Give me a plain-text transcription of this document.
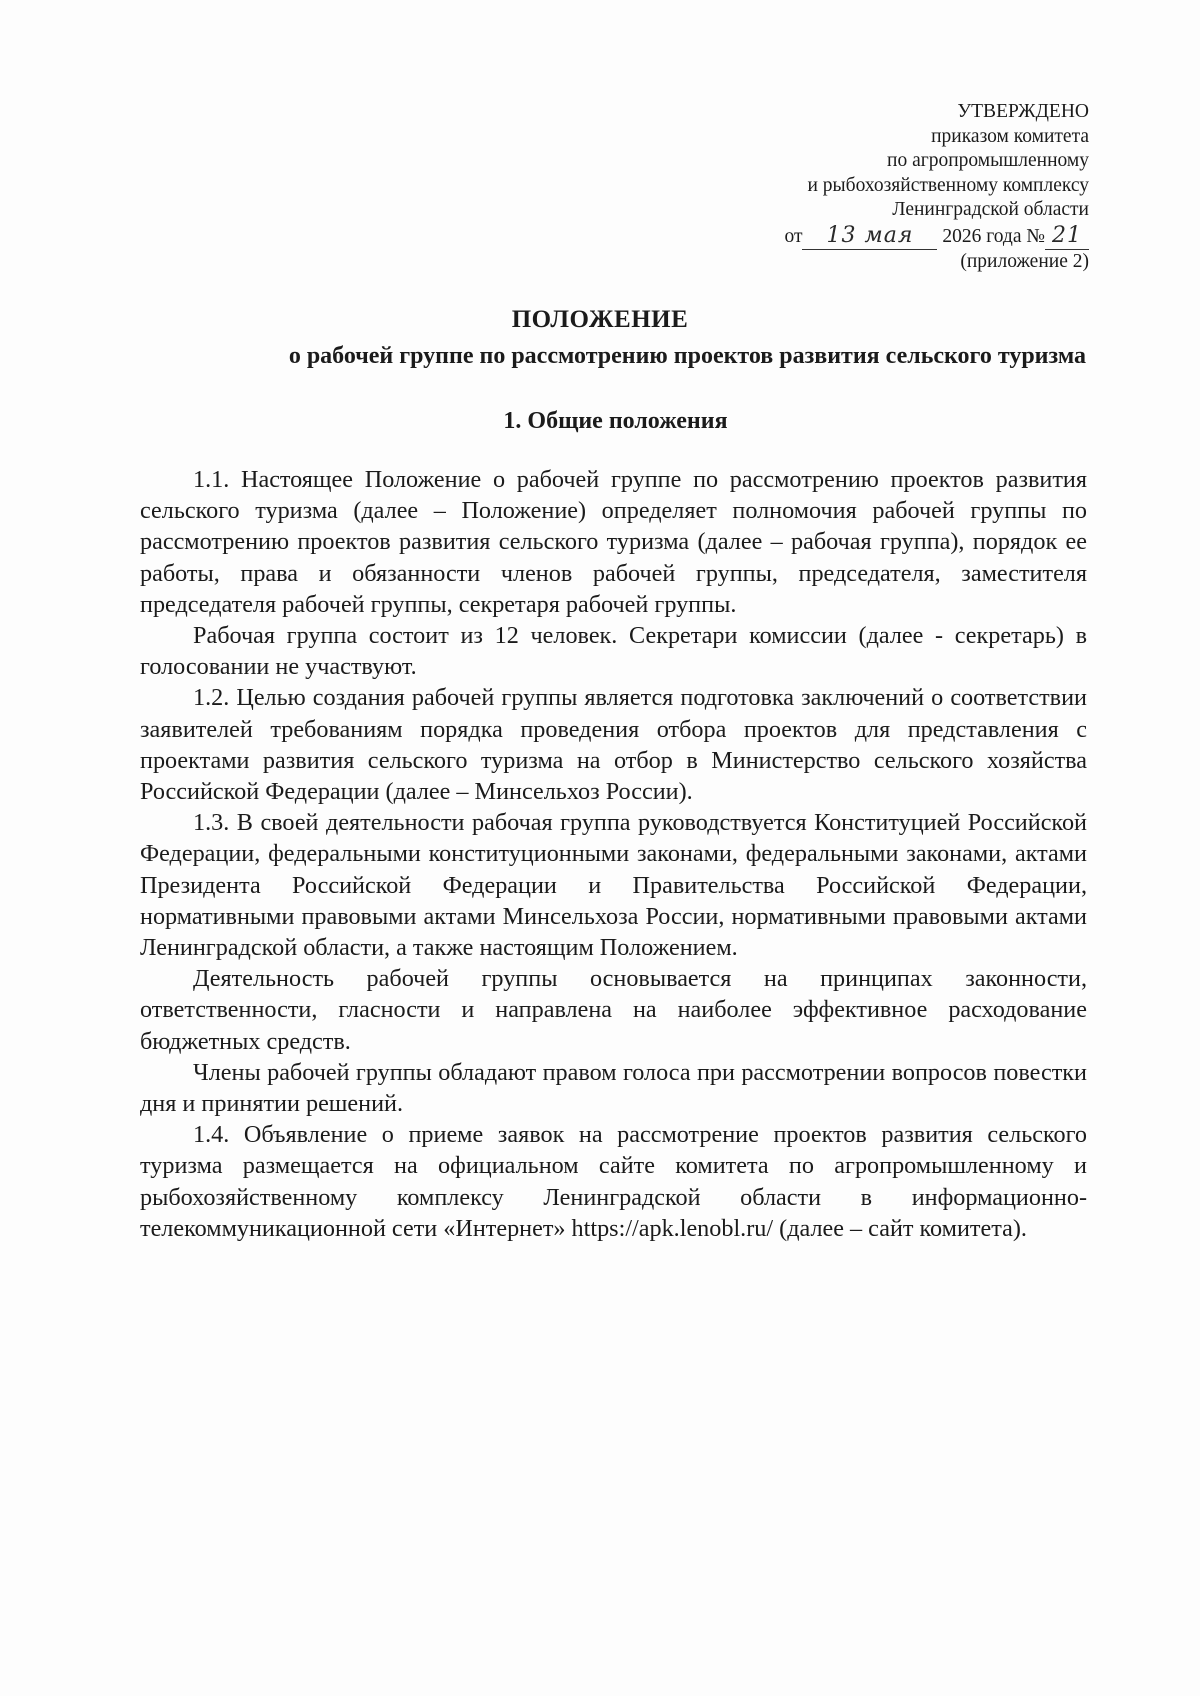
УТВЕРЖДЕНО
приказом комитета
по агропромышленному
и рыбохозяйственному комплексу
Ленинградской области
от 13 мая 2026 года № 21
(приложение 2)
ПОЛОЖЕНИЕ
о рабочей группе по рассмотрению проектов развития сельского туризма
1. Общие положения

1.1. Настоящее Положение о рабочей группе по рассмотрению проектов развития сельского туризма (далее – Положение) определяет полномочия рабочей группы по рассмотрению проектов развития сельского туризма (далее – рабочая группа), порядок ее работы, права и обязанности членов рабочей группы, председателя, заместителя председателя рабочей группы, секретаря рабочей группы.

Рабочая группа состоит из 12 человек. Секретари комиссии (далее - секретарь) в голосовании не участвуют.

1.2. Целью создания рабочей группы является подготовка заключений о соответствии заявителей требованиям порядка проведения отбора проектов для представления с проектами развития сельского туризма на отбор в Министерство сельского хозяйства Российской Федерации (далее – Минсельхоз России).

1.3. В своей деятельности рабочая группа руководствуется Конституцией Российской Федерации, федеральными конституционными законами, федеральными законами, актами Президента Российской Федерации и Правительства Российской Федерации, нормативными правовыми актами Минсельхоза России, нормативными правовыми актами Ленинградской области, а также настоящим Положением.

Деятельность рабочей группы основывается на принципах законности, ответственности, гласности и направлена на наиболее эффективное расходование бюджетных средств.

Члены рабочей группы обладают правом голоса при рассмотрении вопросов повестки дня и принятии решений.

1.4. Объявление о приеме заявок на рассмотрение проектов развития сельского туризма размещается на официальном сайте комитета по агропромышленному и рыбохозяйственному комплексу Ленинградской области в информационно-телекоммуникационной сети «Интернет» https://apk.lenobl.ru/ (далее – сайт комитета).
